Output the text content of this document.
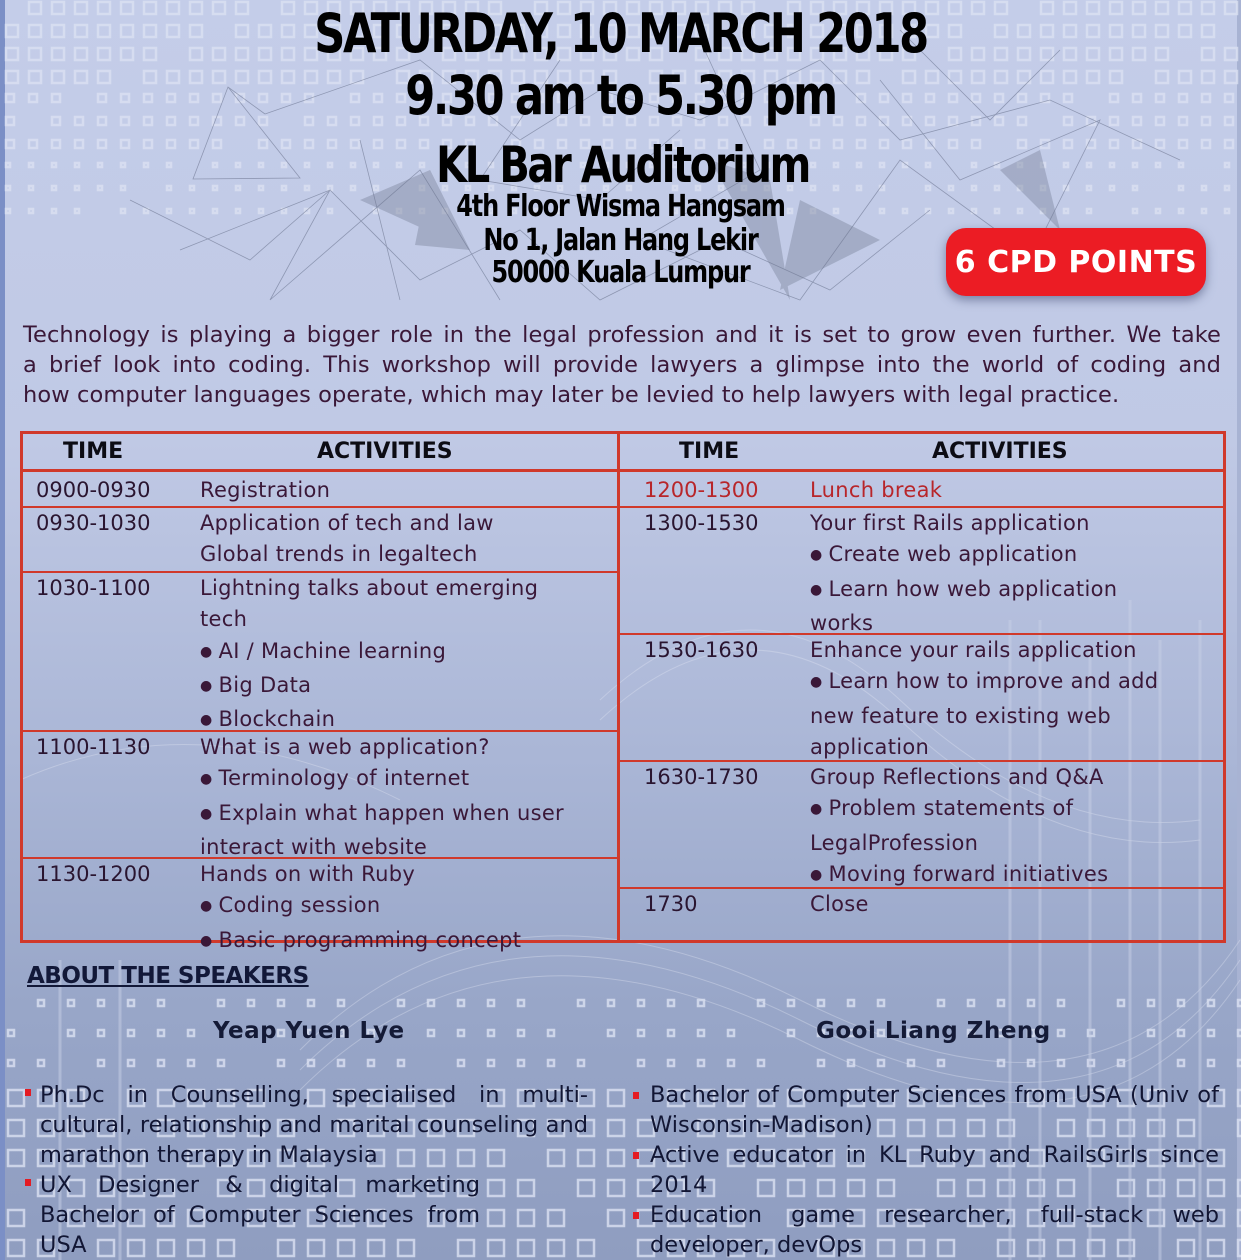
SATURDAY, 10 MARCH 2018
9.30 am to 5.30 pm
KL Bar Auditorium
4th Floor Wisma Hangsam
No 1, Jalan Hang Lekir
50000 Kuala Lumpur	6 CPD POINTS
Technology is playing a bigger role in the legal profession and it is set to grow even further. We take
a brief look into coding. This workshop will provide lawyers a glimpse into the world of coding and
how computer languages operate, which may later be levied to help lawyers with legal practice.
TIME	ACTIVITIES
0900-0930 Registration
0930-1030 Application of tech and law
Global trends in legaltech
1030-1100 Lightning talks about emerging
tech
● AI / Machine learning
● Big Data
● Blockchain
1100-1130 What is a web application?
● Terminology of internet
● Explain what happen when user
interact with website
1130-1200 Hands on with Ruby
● Coding session
● Basic programming concept
TIME	ACTIVITIES
1200-1300 Lunch break
1300-1530 Your first Rails application
● Create web application
● Learn how web application
works
1530-1630 Enhance your rails application
● Learn how to improve and add
new feature to existing web
application
1630-1730 Group Reflections and Q&A
● Problem statements of
LegalProfession
● Moving forward initiatives
1730	Close
ABOUT THE SPEAKERS
Yeap Yuen Lye	Gooi Liang Zheng
Ph.Dc in Counselling, specialised in multi-cultural, relationship and marital counseling and marathon therapy in Malaysia
UX Designer & digital marketing Bachelor of Computer Sciences from USA
Bachelor of Computer Sciences from USA (Univ of Wisconsin-Madison)
Active educator in KL Ruby and RailsGirls since 2014
Education game researcher, full-stack web developer, devOps
